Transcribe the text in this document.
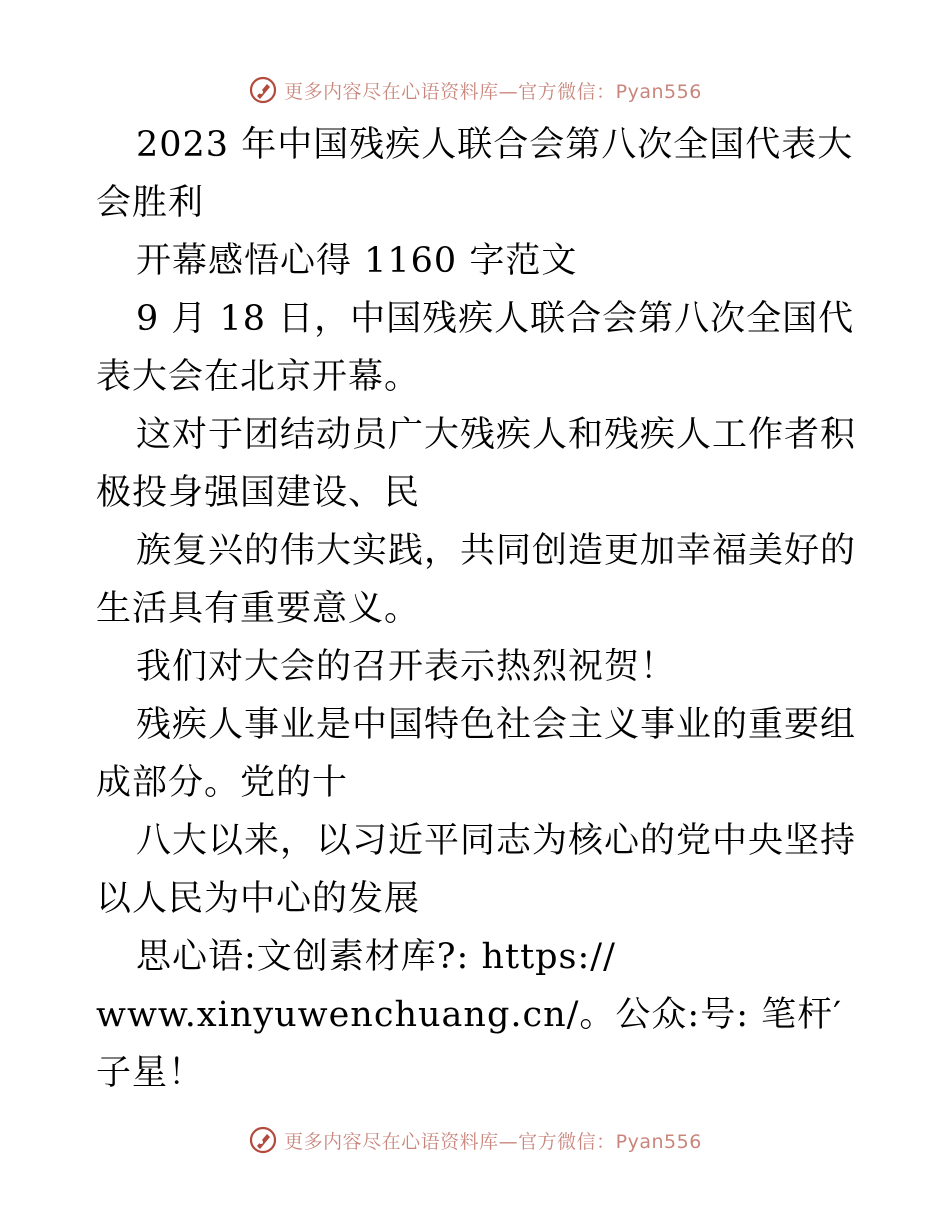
更多内容尽在心语资料库—官方微信：Pyan556

2023 年中国残疾人联合会第八次全国代表大会胜利

开幕感悟心得 1160 字范文

9 月 18 日，中国残疾人联合会第八次全国代表大会在北京开幕。

这对于团结动员广大残疾人和残疾人工作者积极投身强国建设、民

族复兴的伟大实践，共同创造更加幸福美好的生活具有重要意义。

我们对大会的召开表示热烈祝贺！

残疾人事业是中国特色社会主义事业的重要组成部分。党的十

八大以来，以习近平同志为核心的党中央坚持以人民为中心的发展

思心语:文创素材库?: https://

www.xinyuwenchuang.cn/。公众:号: 笔杆′子星！

更多内容尽在心语资料库—官方微信：Pyan556
